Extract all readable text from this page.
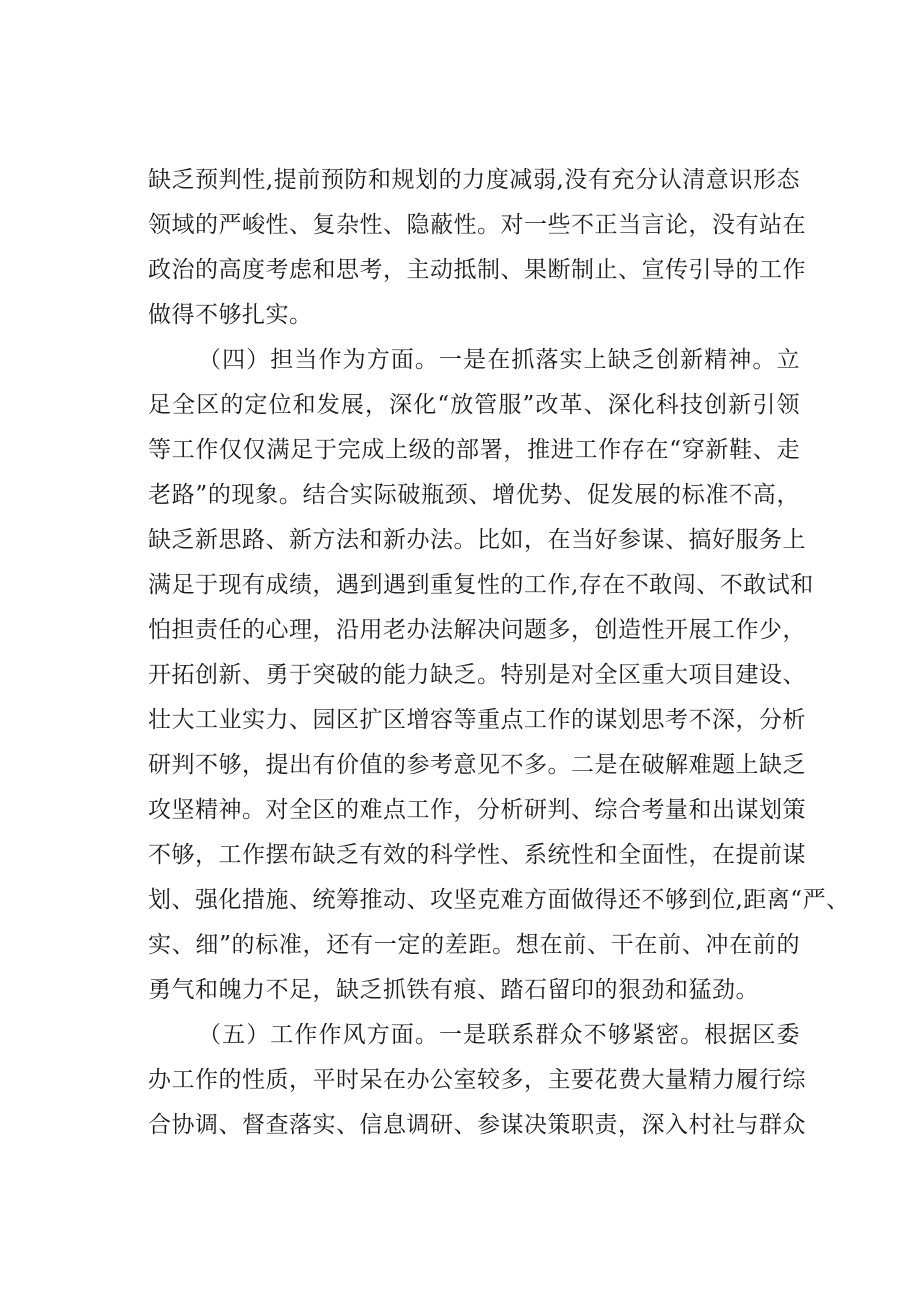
缺乏预判性,提前预防和规划的力度减弱,没有充分认清意识形态
领域的严峻性、复杂性、隐蔽性。对一些不正当言论，没有站在
政治的高度考虑和思考，主动抵制、果断制止、宣传引导的工作
做得不够扎实。
（四）担当作为方面。一是在抓落实上缺乏创新精神。立
足全区的定位和发展，深化“放管服”改革、深化科技创新引领
等工作仅仅满足于完成上级的部署，推进工作存在“穿新鞋、走
老路”的现象。结合实际破瓶颈、增优势、促发展的标准不高，
缺乏新思路、新方法和新办法。比如，在当好参谋、搞好服务上
满足于现有成绩，遇到遇到重复性的工作,存在不敢闯、不敢试和
怕担责任的心理，沿用老办法解决问题多，创造性开展工作少，
开拓创新、勇于突破的能力缺乏。特别是对全区重大项目建设、
壮大工业实力、园区扩区增容等重点工作的谋划思考不深，分析
研判不够，提出有价值的参考意见不多。二是在破解难题上缺乏
攻坚精神。对全区的难点工作，分析研判、综合考量和出谋划策
不够，工作摆布缺乏有效的科学性、系统性和全面性，在提前谋
划、强化措施、统筹推动、攻坚克难方面做得还不够到位,距离“严、
实、细”的标准，还有一定的差距。想在前、干在前、冲在前的
勇气和魄力不足，缺乏抓铁有痕、踏石留印的狠劲和猛劲。
（五）工作作风方面。一是联系群众不够紧密。根据区委
办工作的性质，平时呆在办公室较多，主要花费大量精力履行综
合协调、督查落实、信息调研、参谋决策职责，深入村社与群众
